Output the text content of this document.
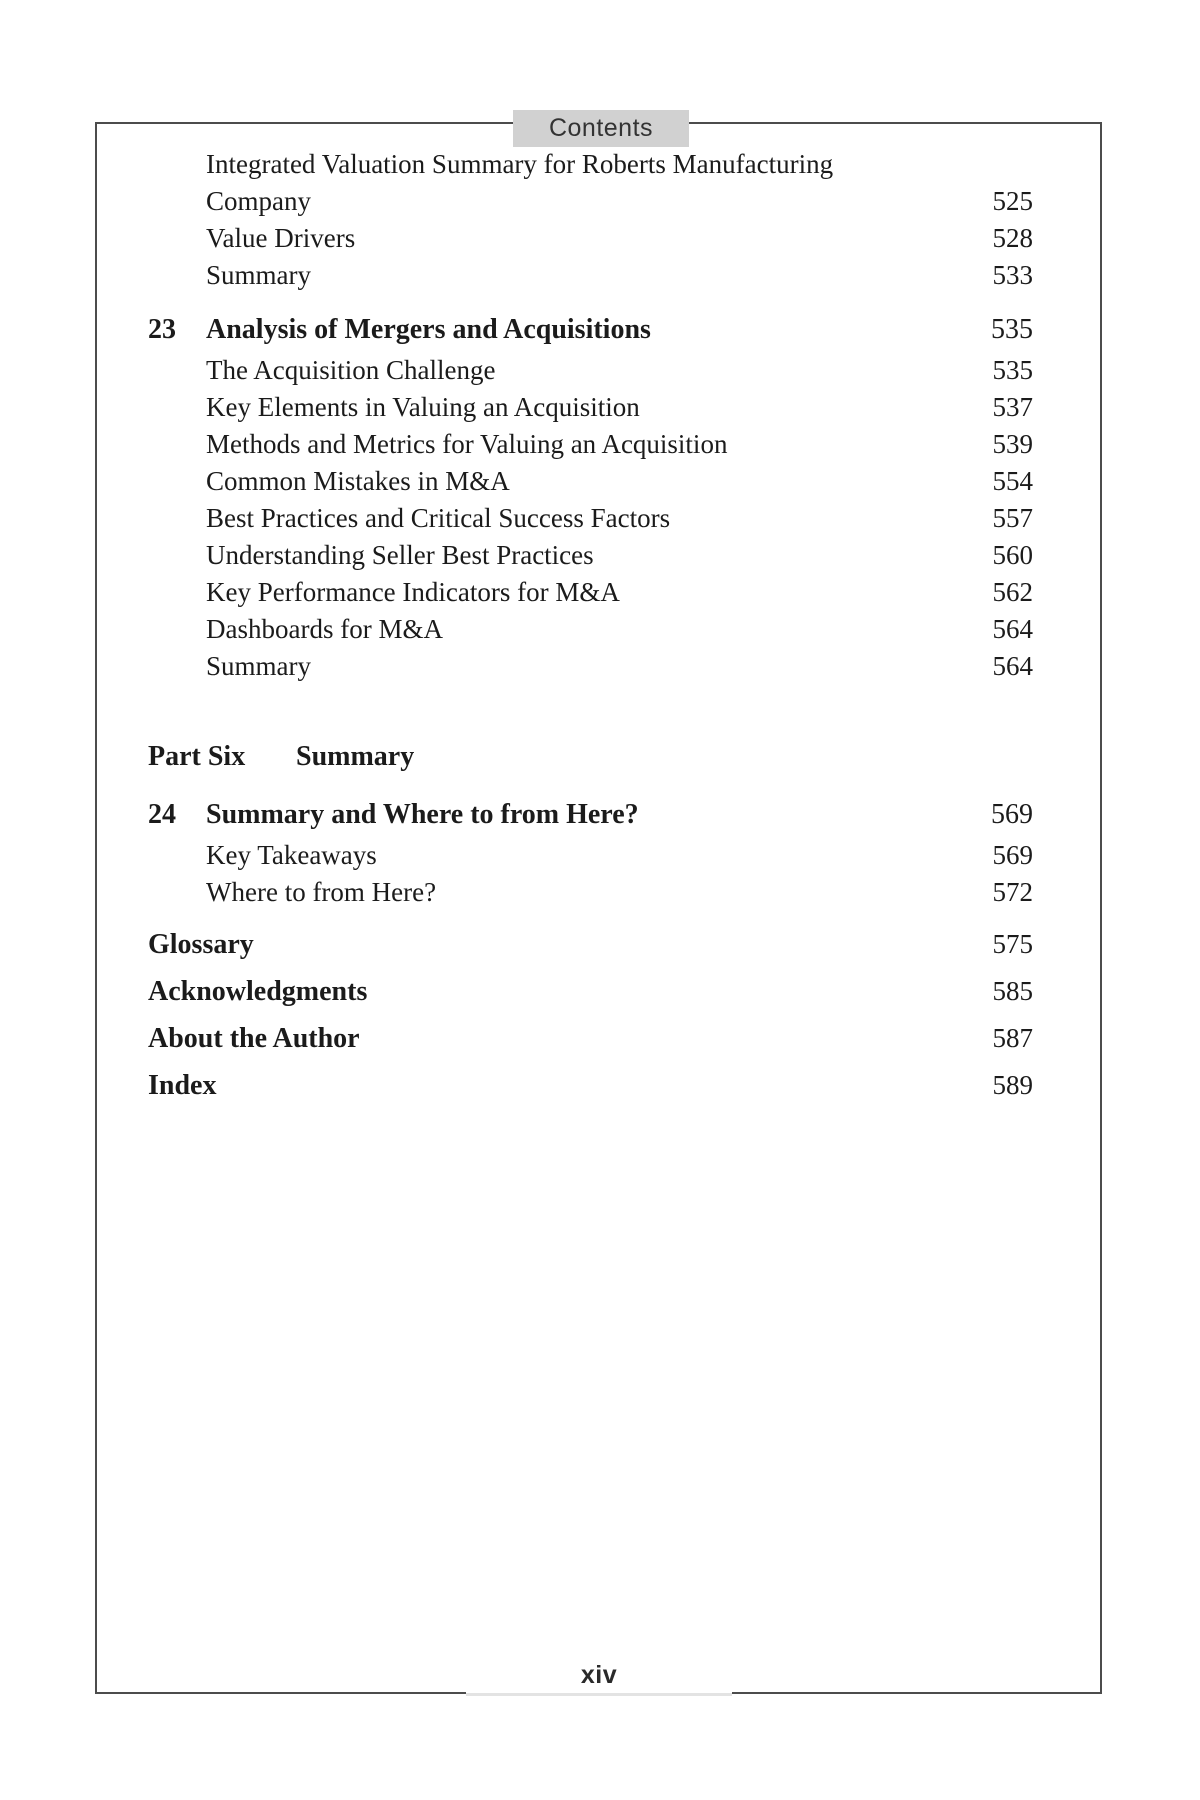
Contents
Integrated Valuation Summary for Roberts Manufacturing
Company	525
Value Drivers	528
Summary	533
23	Analysis of Mergers and Acquisitions	535
The Acquisition Challenge	535
Key Elements in Valuing an Acquisition	537
Methods and Metrics for Valuing an Acquisition	539
Common Mistakes in M&A	554
Best Practices and Critical Success Factors	557
Understanding Seller Best Practices	560
Key Performance Indicators for M&A	562
Dashboards for M&A	564
Summary	564
Part Six	Summary
24	Summary and Where to from Here?	569
Key Takeaways	569
Where to from Here?	572
Glossary	575
Acknowledgments	585
About the Author	587
Index	589
xiv
